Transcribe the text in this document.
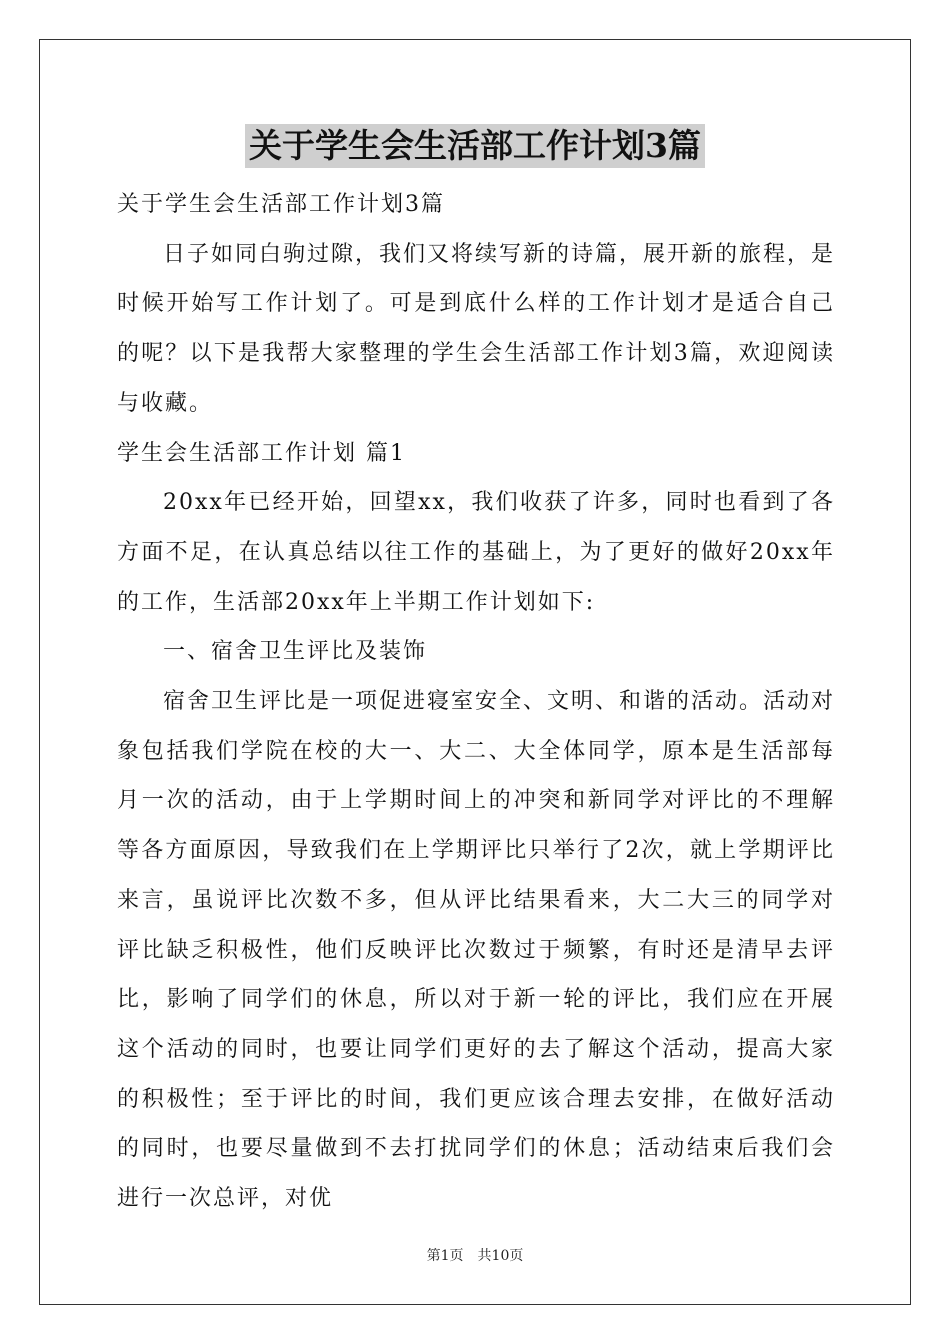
关于学生会生活部工作计划3篇
关于学生会生活部工作计划3篇
日子如同白驹过隙，我们又将续写新的诗篇，展开新的旅程，是时候开始写工作计划了。可是到底什么样的工作计划才是适合自己的呢？以下是我帮大家整理的学生会生活部工作计划3篇，欢迎阅读与收藏。
学生会生活部工作计划 篇1
20xx年已经开始，回望xx，我们收获了许多，同时也看到了各方面不足，在认真总结以往工作的基础上，为了更好的做好20xx年的工作，生活部20xx年上半期工作计划如下:
一、宿舍卫生评比及装饰
宿舍卫生评比是一项促进寝室安全、文明、和谐的活动。活动对象包括我们学院在校的大一、大二、大全体同学，原本是生活部每月一次的活动，由于上学期时间上的冲突和新同学对评比的不理解等各方面原因，导致我们在上学期评比只举行了2次，就上学期评比来言，虽说评比次数不多，但从评比结果看来，大二大三的同学对评比缺乏积极性，他们反映评比次数过于频繁，有时还是清早去评比，影响了同学们的休息，所以对于新一轮的评比，我们应在开展这个活动的同时，也要让同学们更好的去了解这个活动，提高大家的积极性；至于评比的时间，我们更应该合理去安排，在做好活动的同时，也要尽量做到不去打扰同学们的休息；活动结束后我们会进行一次总评，对优
第1页　共10页
